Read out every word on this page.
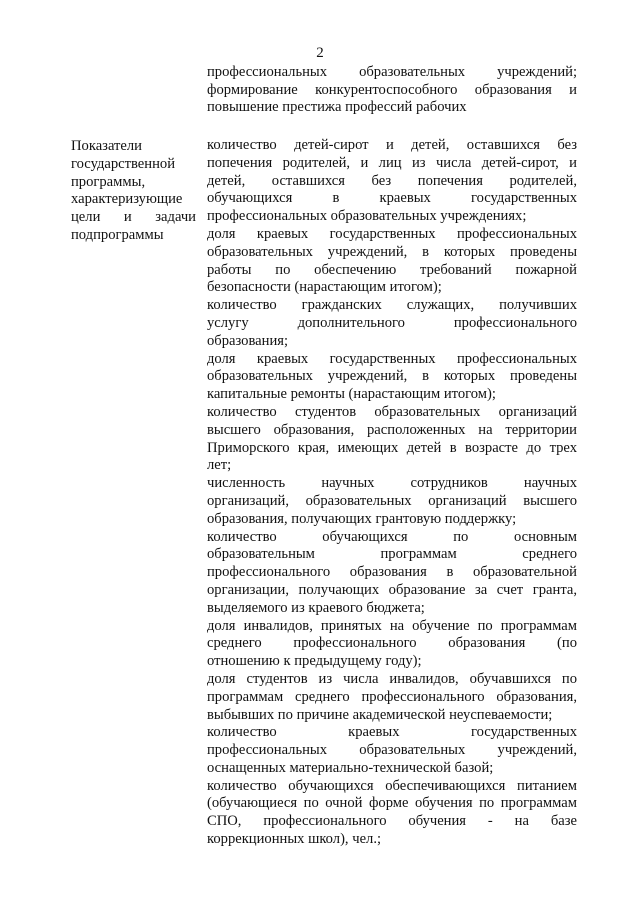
2
профессиональных образовательных учреждений;
формирование конкурентоспособного образования и
повышение престижа профессий рабочих
Показатели
государственной
программы,
характеризующие
цели и задачи
подпрограммы
количество детей-сирот и детей, оставшихся без
попечения родителей, и лиц из числа детей-сирот, и
детей, оставшихся без попечения родителей,
обучающихся в краевых государственных
профессиональных образовательных учреждениях;
доля краевых государственных профессиональных
образовательных учреждений, в которых проведены
работы по обеспечению требований пожарной
безопасности (нарастающим итогом);
количество гражданских служащих, получивших
услугу дополнительного профессионального
образования;
доля краевых государственных профессиональных
образовательных учреждений, в которых проведены
капитальные ремонты (нарастающим итогом);
количество студентов образовательных организаций
высшего образования, расположенных на территории
Приморского края, имеющих детей в возрасте до трех
лет;
численность научных сотрудников научных
организаций, образовательных организаций высшего
образования, получающих грантовую поддержку;
количество обучающихся по основным
образовательным программам среднего
профессионального образования в образовательной
организации, получающих образование за счет гранта,
выделяемого из краевого бюджета;
доля инвалидов, принятых на обучение по программам
среднего профессионального образования (по
отношению к предыдущему году);
доля студентов из числа инвалидов, обучавшихся по
программам среднего профессионального образования,
выбывших по причине академической неуспеваемости;
количество краевых государственных
профессиональных образовательных учреждений,
оснащенных материально-технической базой;
количество обучающихся обеспечивающихся питанием
(обучающиеся по очной форме обучения по программам
СПО, профессионального обучения - на базе
коррекционных школ), чел.;
